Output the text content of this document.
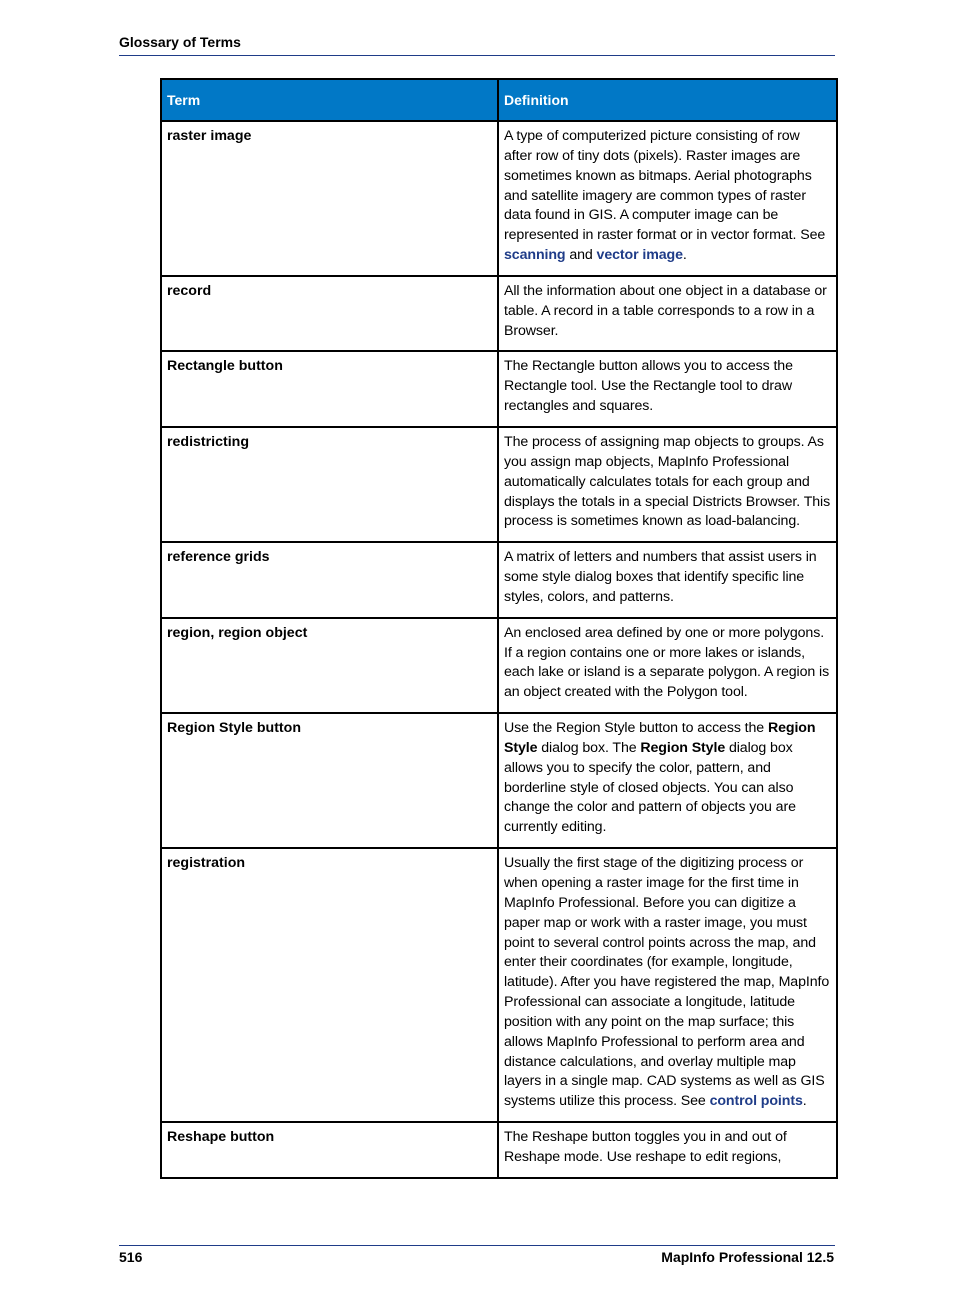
Glossary of Terms
Term	Definition
raster image	A type of computerized picture consisting of row after row of tiny dots (pixels). Raster images are sometimes known as bitmaps. Aerial photographs and satellite imagery are common types of raster data found in GIS. A computer image can be represented in raster format or in vector format. See scanning and vector image.
record	All the information about one object in a database or table. A record in a table corresponds to a row in a Browser.
Rectangle button	The Rectangle button allows you to access the Rectangle tool. Use the Rectangle tool to draw rectangles and squares.
redistricting	The process of assigning map objects to groups. As you assign map objects, MapInfo Professional automatically calculates totals for each group and displays the totals in a special Districts Browser. This process is sometimes known as load-balancing.
reference grids	A matrix of letters and numbers that assist users in some style dialog boxes that identify specific line styles, colors, and patterns.
region, region object	An enclosed area defined by one or more polygons. If a region contains one or more lakes or islands, each lake or island is a separate polygon. A region is an object created with the Polygon tool.
Region Style button	Use the Region Style button to access the Region Style dialog box. The Region Style dialog box allows you to specify the color, pattern, and borderline style of closed objects. You can also change the color and pattern of objects you are currently editing.
registration	Usually the first stage of the digitizing process or when opening a raster image for the first time in MapInfo Professional. Before you can digitize a paper map or work with a raster image, you must point to several control points across the map, and enter their coordinates (for example, longitude, latitude). After you have registered the map, MapInfo Professional can associate a longitude, latitude position with any point on the map surface; this allows MapInfo Professional to perform area and distance calculations, and overlay multiple map layers in a single map. CAD systems as well as GIS systems utilize this process. See control points.
Reshape button	The Reshape button toggles you in and out of Reshape mode. Use reshape to edit regions,
516	MapInfo Professional 12.5
